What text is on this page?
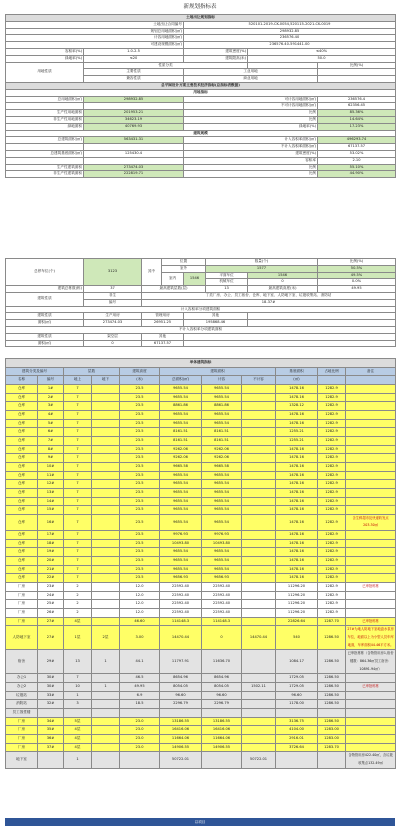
新规划指标表
土地出让规划指标				
土地出让合同编号		520101-2019-CK-0054,520115-2021-CK-0019		
规划总用地面积(㎡)		298932.85		
计容用地面积(㎡)		236576.40		
可建设规模面积(㎡)		236576.40-591441.00		
容积率(%)	1.0-2.5	建筑密度(%)	≤40%	
绿地率(%)	≤20	建筑限高(米)	50.0	
用地性质	性质分类			比例(%)
	主要性质	工业用地		
	兼容性质	商业用地		
总平图设计方案主要技术经济指标(总指标表数据)				
用地指标				
总用地面积(㎡)	298932.85	可计容用地面积(㎡)		236576.4
		不可计容用地面积(㎡)		62356.45
生产性用地面积	201953.21	比例		85.36%
非生产性用地面积	34623.19	比例		14.64%
绿地面积	40769.93	绿地率(%)		17.23%
建筑规模				
总建筑面积(㎡)	563431.31	计入容积率面积(㎡)		496293.74
		不计入容积率面积(㎡)		67137.57
总建筑基底面积(㎡)	125430.4	建筑密度(%)		53.02%
		容积率		2.10
生产性建筑面积	273474.03	比例		55.10%
非生产性建筑面积	222819.71	比例		44.90%
总停车位(个)	3123	其中	位置		数量(个)		比例(%)
			室外		1577		50.5%
			室内	1546	平面车位	1546	49.5%
					机械车位	0	0.0%
建筑总栋数(栋)	37	最高建筑层数(层)			13	最高建筑高度(米)	49.95
建筑性质	非生	丁类厂房、办公、员工宿舍、仓库、地下室、人防地下室、垃圾收集站、消防站					
	编号	18-37#					
计入容积率分项建筑面积							
建筑性质	生产用房	管理用房		其他			
面积(㎡)	273474.03	26951.25		195868.46			
不计入容积率分项建筑面积							
建筑性质	架空层	其他					
面积(㎡)	0	67137.57					
单体建筑指标										
建筑分类及编号		层数		建筑高度	建筑面积			基底面积	占地比例	备注
名称	编号	地上	地下	(米)	总面积(㎡)	计容	不计容	(㎡)		
仓库	1#	7		23.5	9655.54	9655.54		1478.16	1282.9	
仓库	2#	7		23.5	9655.54	9655.54		1478.16	1282.9	
仓库	3#	7		23.5	8861.86	8861.86		1328.12	1282.9	
仓库	4#	7		23.5	9655.54	9655.54		1478.16	1282.9	
仓库	5#	7		23.5	9655.54	9655.54		1478.16	1282.9	
仓库	6#	7		23.5	8161.51	8161.51		1255.21	1282.9	
仓库	7#	7		23.5	8161.51	8161.51		1255.21	1282.9	
仓库	8#	7		23.5	9262.06	9262.06		1478.16	1282.9	
仓库	9#	7		23.5	9262.06	9262.06		1478.16	1282.9	
仓库	10#	7		23.5	9665.58	9665.58		1478.16	1282.9	
仓库	11#	7		23.5	9655.54	9655.54		1478.16	1282.9	
仓库	12#	7		23.5	9655.54	9655.54		1478.16	1282.9	
仓库	13#	7		23.5	9655.54	9655.54		1478.16	1282.9	
仓库	14#	7		23.5	9655.54	9655.54		1478.16	1282.9	
仓库	15#	7		23.5	9655.54	9655.54		1478.16	1282.9	
仓库	16#	7		23.5	9655.54	9655.54		1478.16	1282.9	含生鲜超市及快递收发点203.30㎡
仓库	17#	7		23.5	9976.93	9976.93		1478.16	1282.9	
仓库	18#	7		23.5	10493.80	10493.80		1478.16	1282.9	
仓库	19#	7		23.5	9655.54	9655.54		1478.16	1282.9	
仓库	20#	7		23.5	9655.54	9655.54		1478.16	1282.9	
仓库	21#	7		23.5	9655.54	9655.54		1478.16	1282.9	
仓库	22#	7		23.5	9656.93	9656.93		1478.16	1282.9	
厂房	23#	2		12.0	22592.40	22592.40		11296.20	1282.9	已审批栋栋
厂房	24#	2		12.0	22592.40	22592.40		11296.20	1282.9	
厂房	25#	2		12.0	22592.40	22592.40		11296.20	1282.9	
厂房	26#	2		12.0	22592.40	22592.40		11296.20	1282.9	
厂房	27#	4层		46.60	114148.3	114148.3		22826.64	1287.70	已审批栋栋
人防地下室	27#	1层	2层	3.00	14470.44	0	14470.44	540	1286.50	27#为地人防地下室地盘水泵房车位，地面以上为小型人员车库地面，车库面积44.46平方米。
宿舍	29#	13	1	44.1	11797.91	11636.70		1084.17	1286.50	已审批栋栋（含物管用房1,宿舍楼数：864.36㎡员工宿舍：10891.94㎡）
办公1	30#	7		46.5	8654.96	8654.96		1729.05	1286.50	
办公2	30#	10	1	49.95	8054.05	8054.05	1502.11	1729.05	1286.50	已审批栋栋
垃圾站	33#	1		6.9	96.60	96.60		96.60	1286.50	
消防站	32#	3		18.5	2296.79	2296.79		1178.00	1286.50	
员工饭堂楼										
厂房	34#	5层		23.0	13186.55	13186.55		3136.75	1286.50	
厂房	35#	4层		23.0	16416.06	16416.06		4104.00	1283.00	
厂房	36#	4层		23.0	11664.06	11664.06		2916.01	1283.00	
厂房	37#	4层		23.0	14906.55	14906.55		3726.64	1283.70	
地下室		1			50722.01		50722.01			含物管用房422.40㎡，含垃圾收集点132.49㎡
以项目
